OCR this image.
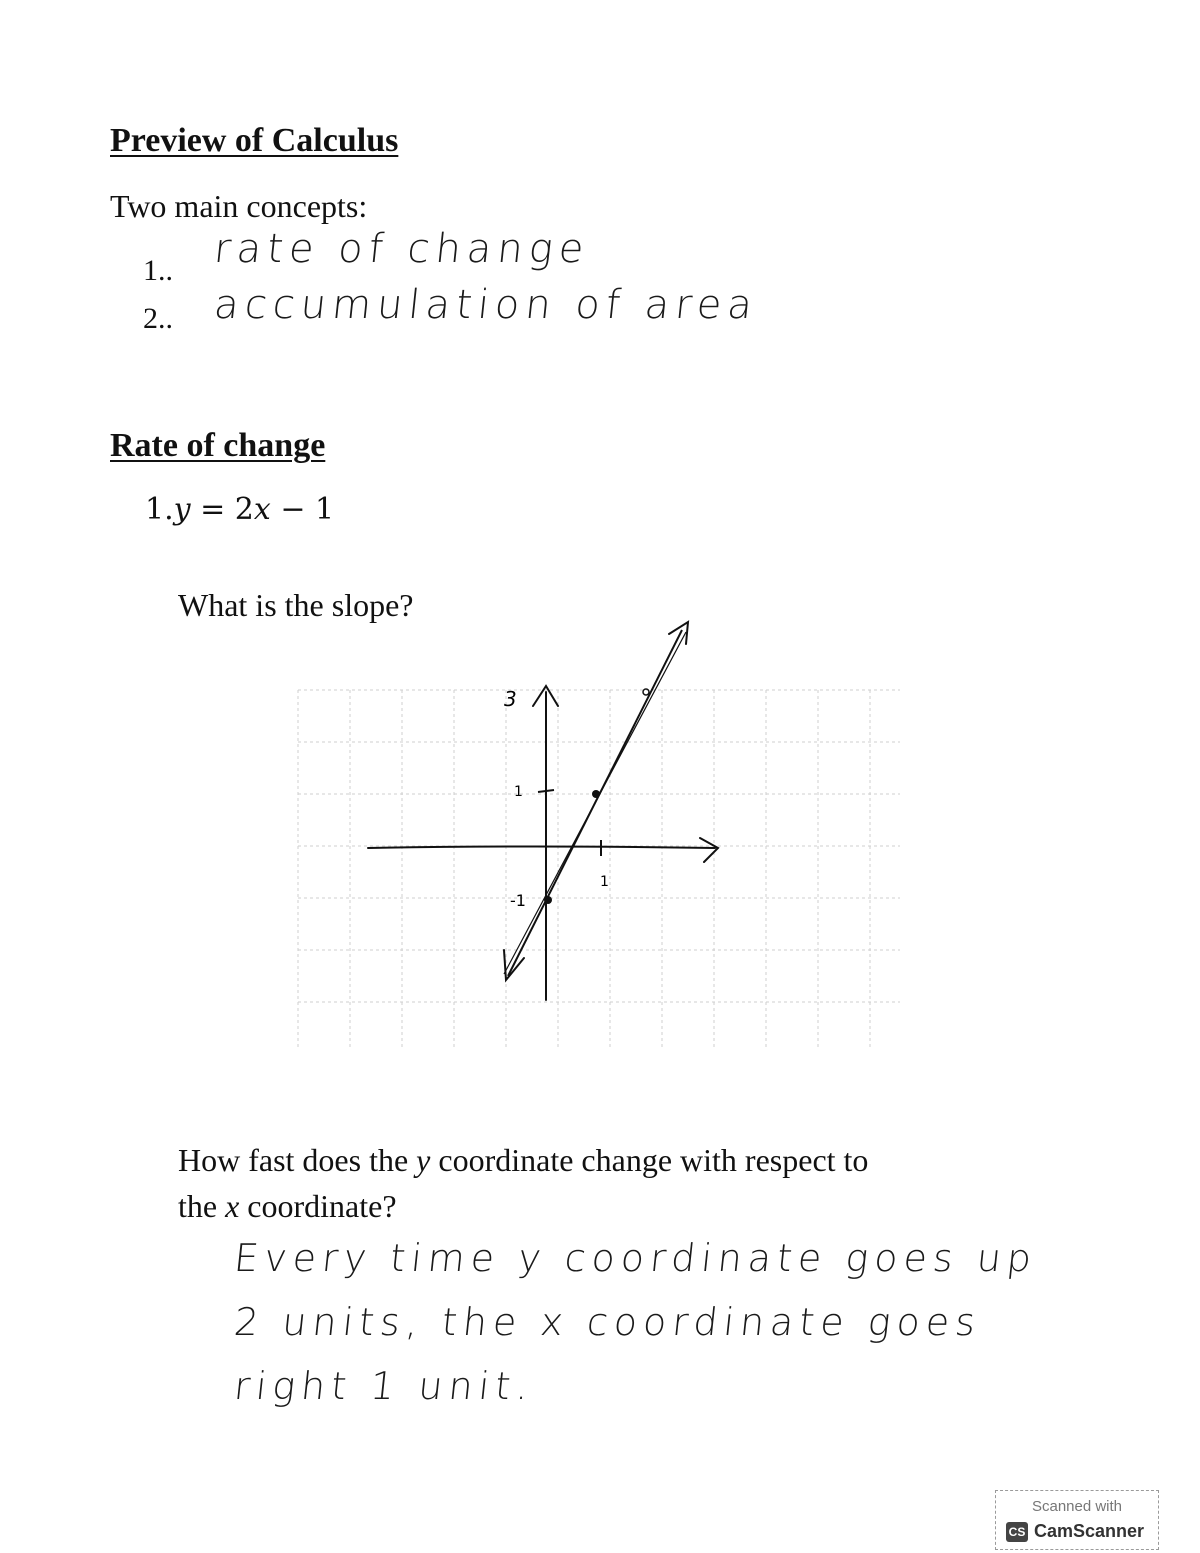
Preview of Calculus
Two main concepts:
1.. rate of change
2.. accumulation of area
Rate of change
1.y = 2x − 1
What is the slope?
3
1
-1
1
How fast does the y coordinate change with respect to
the x coordinate?
Every time y coordinate goes up
2 units, the x coordinate goes
right 1 unit.
Scanned with
CS CamScanner
